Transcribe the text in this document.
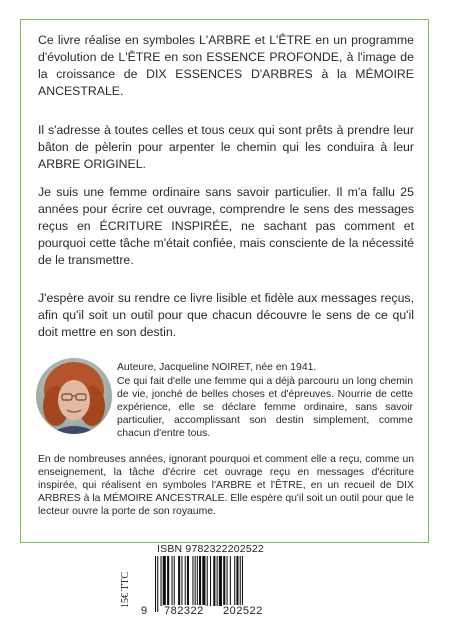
Ce livre réalise en symboles L'ARBRE et L'ÊTRE en un programme d'évolution de L'ÊTRE en son ESSENCE PROFONDE, à l'image de la croissance de DIX ESSENCES D'ARBRES à la MÉMOIRE ANCESTRALE.

Il s'adresse à toutes celles et tous ceux qui sont prêts à prendre leur bâton de pèlerin pour arpenter le chemin qui les conduira à leur ARBRE ORIGINEL.

Je suis une femme ordinaire sans savoir particulier. Il m'a fallu 25 années pour écrire cet ouvrage, comprendre le sens des messages reçus en ÉCRITURE INSPIRÉE, ne sachant pas comment et pourquoi cette tâche m'était confiée, mais consciente de la nécessité de le transmettre.

J'espère avoir su rendre ce livre lisible et fidèle aux messages reçus, afin qu'il soit un outil pour que chacun découvre le sens de ce qu'il doit mettre en son destin.

Auteure, Jacqueline NOIRET, née en 1941.

Ce qui fait d'elle une femme qui a déjà parcouru un long chemin de vie, jonché de belles choses et d'épreuves. Nourrie de cette expérience, elle se déclare femme ordinaire, sans savoir particulier, accomplissant son destin simplement, comme chacun d'entre tous.

En de nombreuses années, ignorant pourquoi et comment elle a reçu, comme un enseignement, la tâche d'écrire cet ouvrage reçu en messages d'écriture inspirée, qui réalisent en symboles l'ARBRE et l'ÊTRE, en un recueil de DIX ARBRES à la MÉMOIRE ANCESTRALE. Elle espère qu'il soit un outil pour que le lecteur ouvre la porte de son royaume.

ISBN 9782322202522
15€ TTC
9 782322 202522
